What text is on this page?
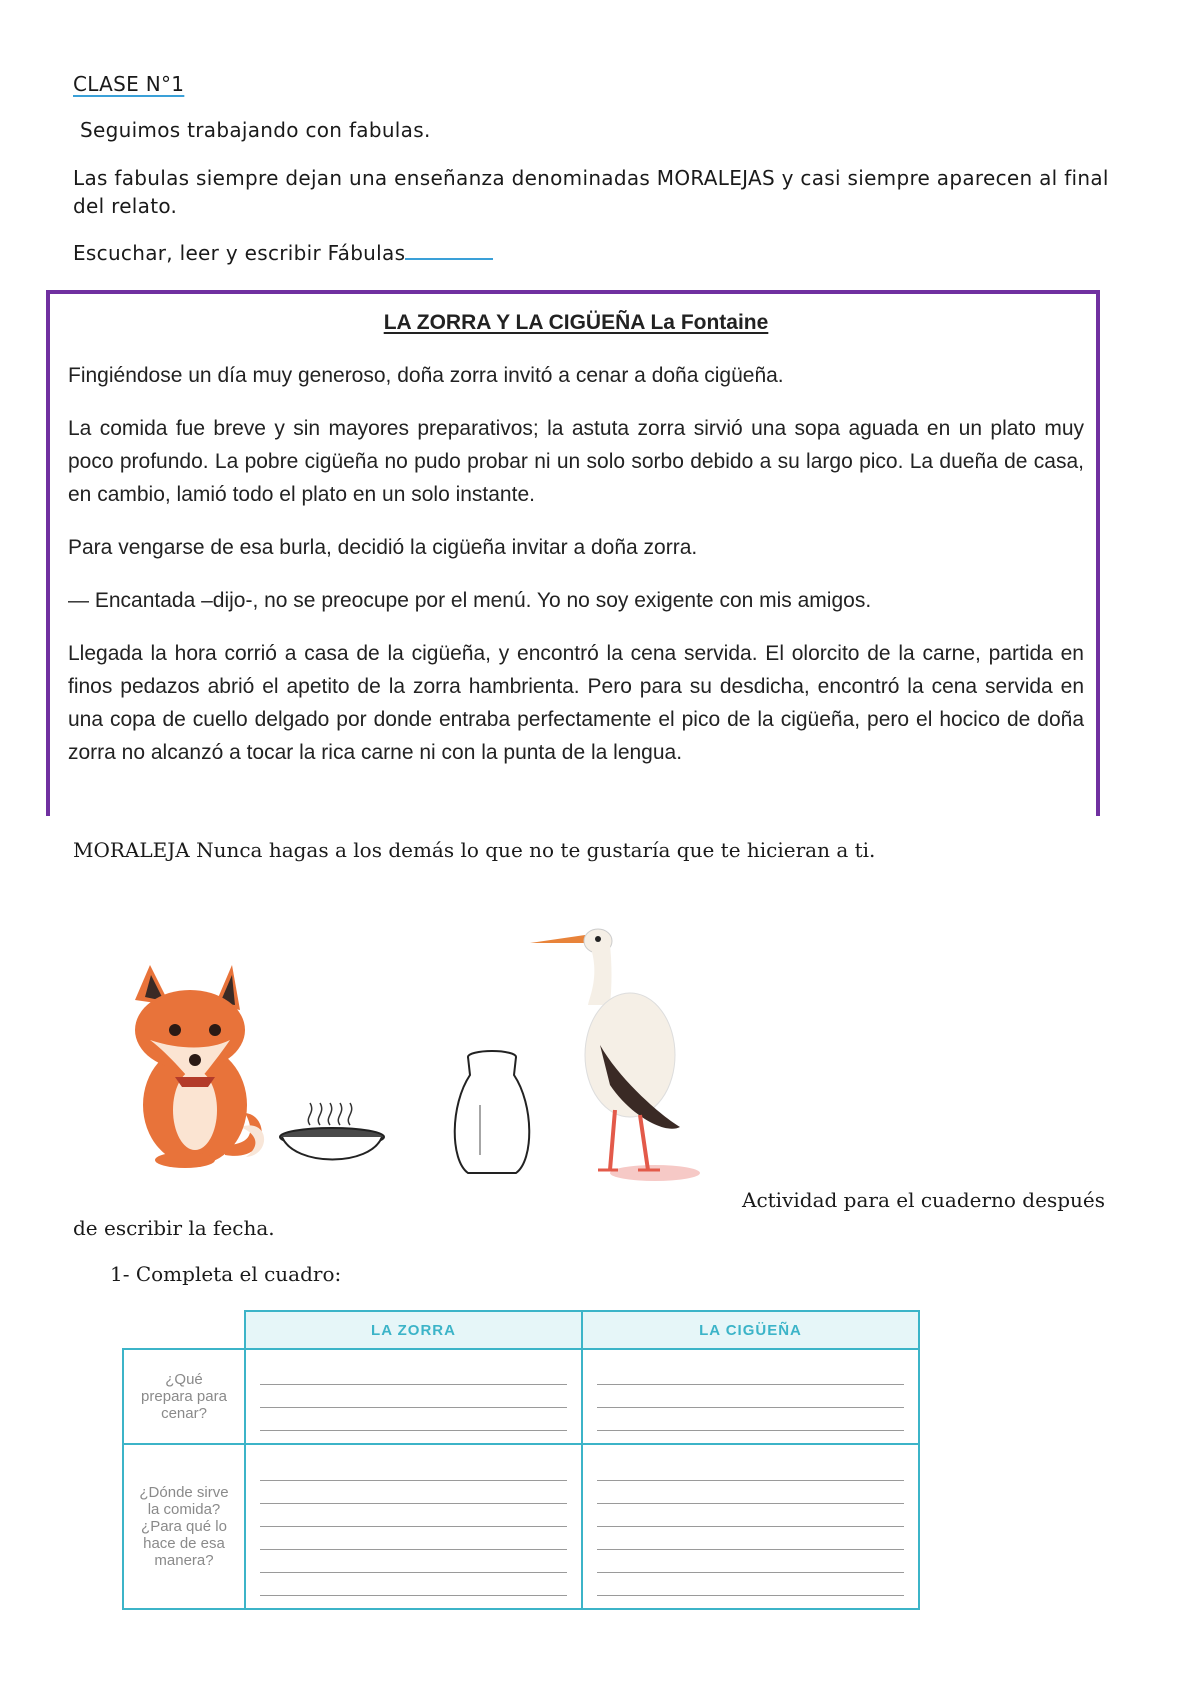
CLASE N°1
Seguimos trabajando con fabulas.
Las fabulas siempre dejan una enseñanza denominadas MORALEJAS y casi siempre aparecen al final del relato.
Escuchar, leer y escribir Fábulas

LA ZORRA Y LA CIGÜEÑA La Fontaine

Fingiéndose un día muy generoso, doña zorra invitó a cenar a doña cigüeña.

La comida fue breve y sin mayores preparativos; la astuta zorra sirvió una sopa aguada en un plato muy poco profundo. La pobre cigüeña no pudo probar ni un solo sorbo debido a su largo pico. La dueña de casa, en cambio, lamió todo el plato en un solo instante.

Para vengarse de esa burla, decidió la cigüeña invitar a doña zorra.

— Encantada –dijo-, no se preocupe por el menú. Yo no soy exigente con mis amigos.

Llegada la hora corrió a casa de la cigüeña, y encontró la cena servida. El olorcito de la carne, partida en finos pedazos abrió el apetito de la zorra hambrienta. Pero para su desdicha, encontró la cena servida en una copa de cuello delgado por donde entraba perfectamente el pico de la cigüeña, pero el hocico de doña zorra no alcanzó a tocar la rica carne ni con la punta de la lengua.

MORALEJA Nunca hagas a los demás lo que no te gustaría que te hicieran a ti.
Actividad para el cuaderno después
de escribir la fecha.
1- Completa el cuadro:
	LA ZORRA	LA CIGÜEÑA

¿Qué prepara para cenar?		

¿Dónde sirve la comida? ¿Para qué lo hace de esa manera?		
